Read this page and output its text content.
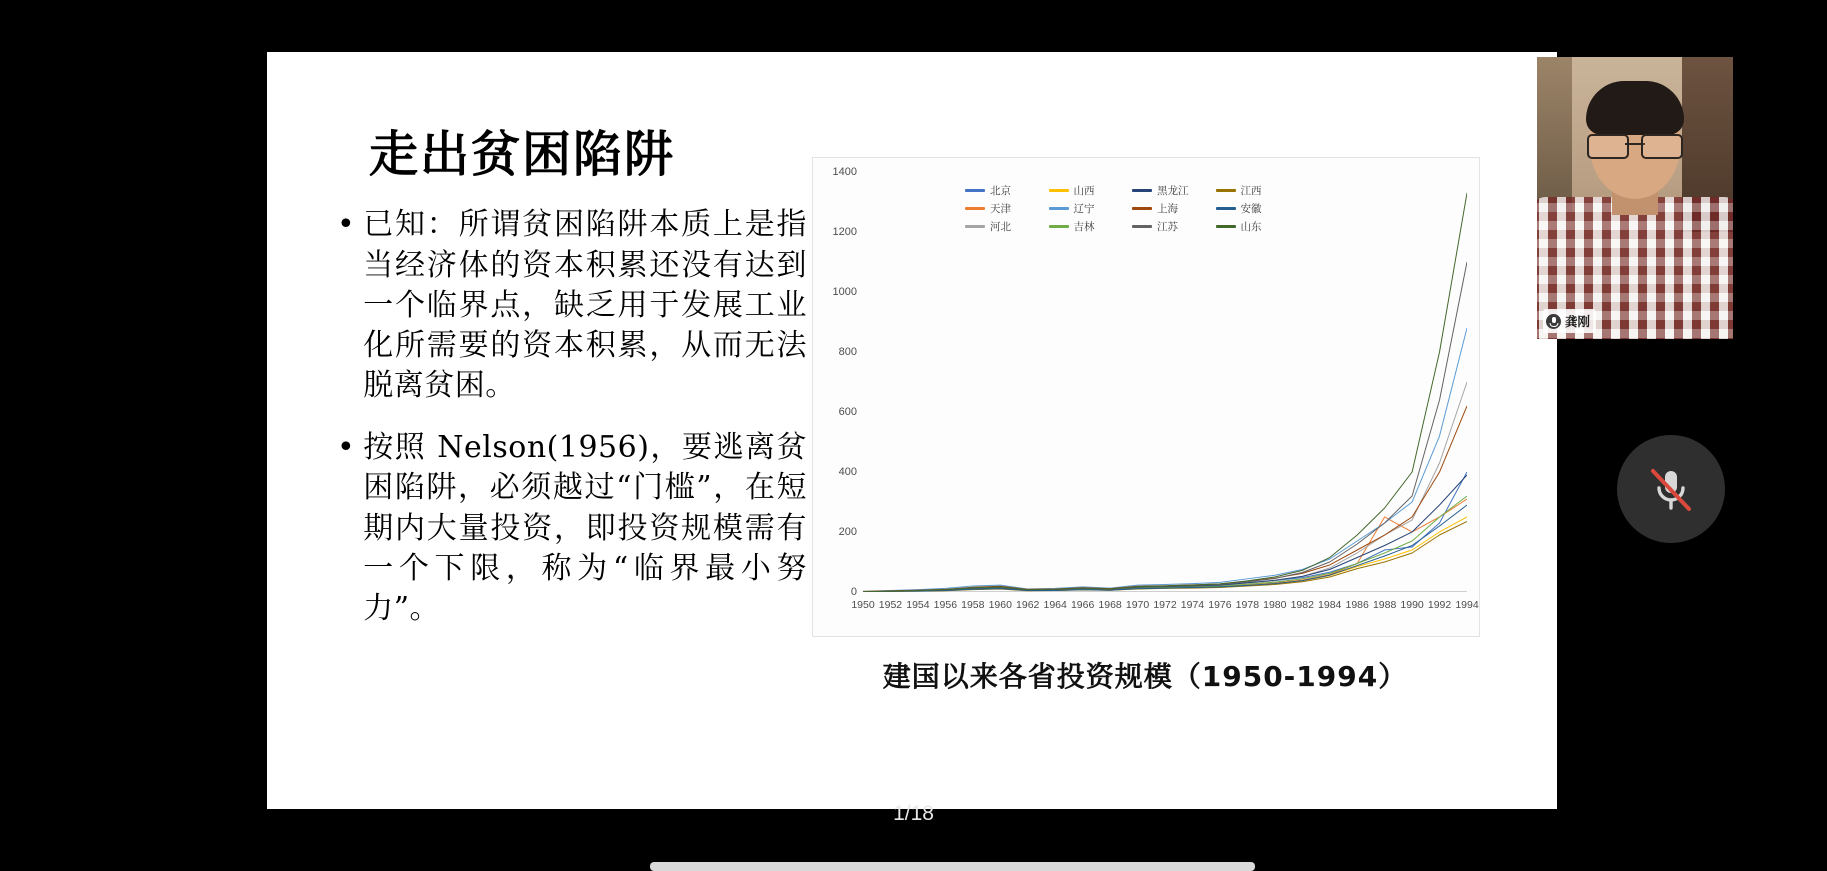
走出贫困陷阱
• 已知：所谓贫困陷阱本质上是指当经济体的资本积累还没有达到一个临界点，缺乏用于发展工业化所需要的资本积累，从而无法脱离贫困。
• 按照 Nelson(1956)，要逃离贫困陷阱，必须越过“门槛”，在短期内大量投资，即投资规模需有一个下限，称为“临界最小努力”。
北京	山西	黑龙江	江西
天津	辽宁	上海	安徽
河北	吉林	江苏	山东
0
200
400
600
800
1000
1200
1400
1950 1952 1954 1956 1958 1960 1962 1964 1966 1968 1970 1972 1974 1976 1978 1980 1982 1984 1986 1988 1990 1992 1994
建国以来各省投资规模（1950-1994）
1/18
龚刚
